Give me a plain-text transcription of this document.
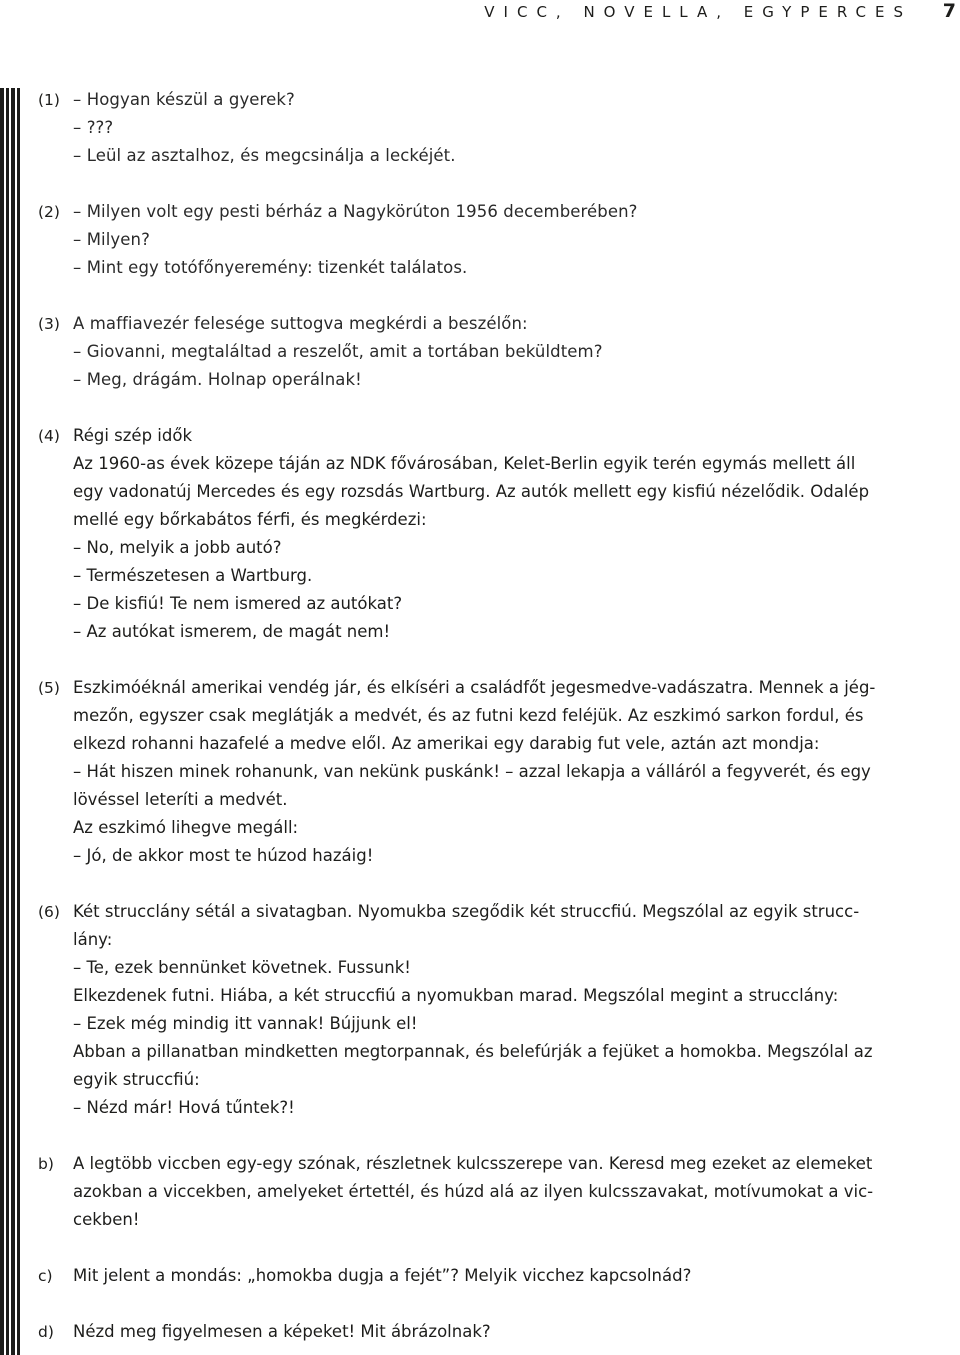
VICC, NOVELLA, EGYPERCES 7
(1) – Hogyan készül a gyerek?
– ???
– Leül az asztalhoz, és megcsinálja a leckéjét.
(2) – Milyen volt egy pesti bérház a Nagykörúton 1956 decemberében?
– Milyen?
– Mint egy totófőnyeremény: tizenkét találatos.
(3) A maffiavezér felesége suttogva megkérdi a beszélőn:
– Giovanni, megtaláltad a reszelőt, amit a tortában beküldtem?
– Meg, drágám. Holnap operálnak!
(4) Régi szép idők
Az 1960-as évek közepe táján az NDK fővárosában, Kelet-Berlin egyik terén egymás mellett áll
egy vadonatúj Mercedes és egy rozsdás Wartburg. Az autók mellett egy kisfiú nézelődik. Odalép
mellé egy bőrkabátos férfi, és megkérdezi:
– No, melyik a jobb autó?
– Természetesen a Wartburg.
– De kisfiú! Te nem ismered az autókat?
– Az autókat ismerem, de magát nem!
(5) Eszkimóéknál amerikai vendég jár, és elkíséri a családfőt jegesmedve-vadászatra. Mennek a jég-
mezőn, egyszer csak meglátják a medvét, és az futni kezd feléjük. Az eszkimó sarkon fordul, és
elkezd rohanni hazafelé a medve elől. Az amerikai egy darabig fut vele, aztán azt mondja:
– Hát hiszen minek rohanunk, van nekünk puskánk! – azzal lekapja a válláról a fegyverét, és egy
lövéssel leteríti a medvét.
Az eszkimó lihegve megáll:
– Jó, de akkor most te húzod hazáig!
(6) Két strucclány sétál a sivatagban. Nyomukba szegődik két struccfiú. Megszólal az egyik strucc-
lány:
– Te, ezek bennünket követnek. Fussunk!
Elkezdenek futni. Hiába, a két struccfiú a nyomukban marad. Megszólal megint a strucclány:
– Ezek még mindig itt vannak! Bújjunk el!
Abban a pillanatban mindketten megtorpannak, és belefúrják a fejüket a homokba. Megszólal az
egyik struccfiú:
– Nézd már! Hová tűntek?!
b) A legtöbb viccben egy-egy szónak, részletnek kulcsszerepe van. Keresd meg ezeket az elemeket
azokban a viccekben, amelyeket értettél, és húzd alá az ilyen kulcsszavakat, motívumokat a vic-
cekben!
c) Mit jelent a mondás: „homokba dugja a fejét”? Melyik vicchez kapcsolnád?
d) Nézd meg figyelmesen a képeket! Mit ábrázolnak?
